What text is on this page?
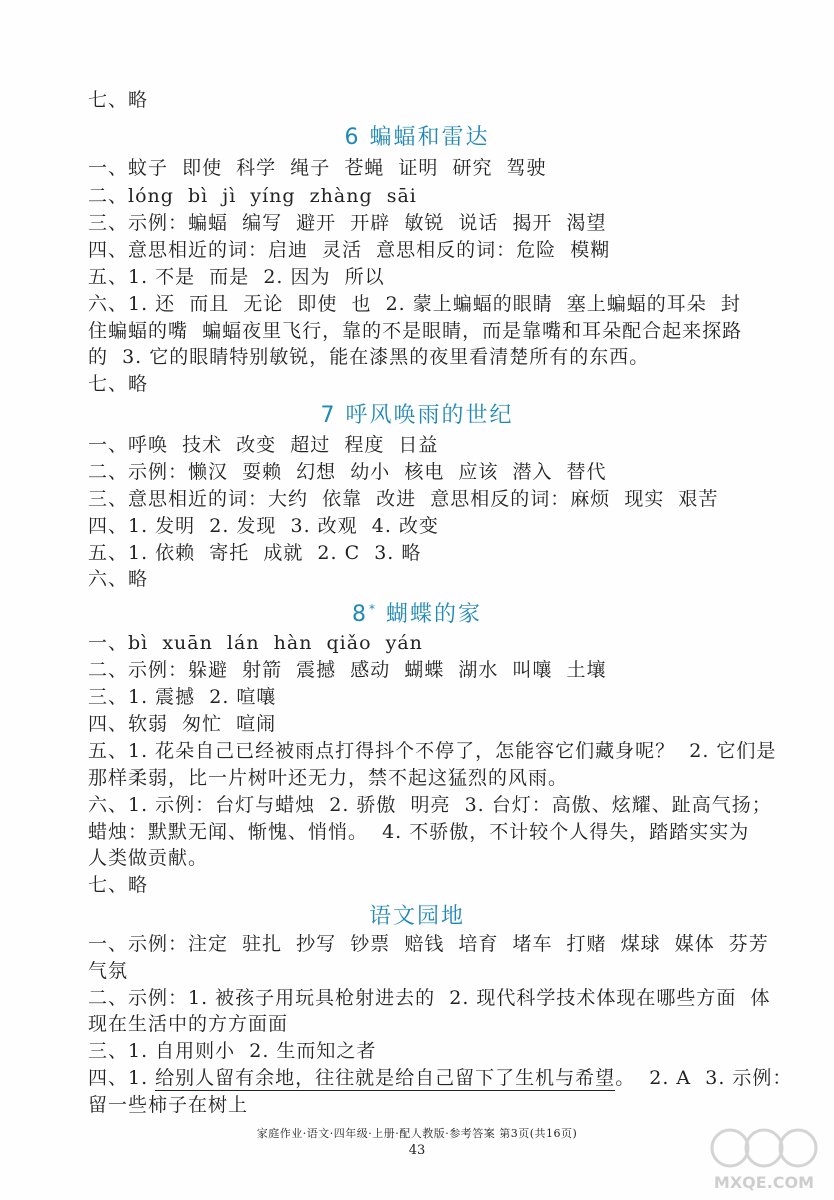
七、略
6 蝙蝠和雷达
一、蚊子  即使  科学  绳子  苍蝇  证明  研究  驾驶
二、lóng  bì  jì  yíng  zhàng  sāi
三、示例：蝙蝠  编写  避开  开辟  敏锐  说话  揭开  渴望
四、意思相近的词：启迪  灵活  意思相反的词：危险  模糊
五、1. 不是  而是  2. 因为  所以
六、1. 还  而且  无论  即使  也  2. 蒙上蝙蝠的眼睛  塞上蝙蝠的耳朵  封
住蝙蝠的嘴  蝙蝠夜里飞行，靠的不是眼睛，而是靠嘴和耳朵配合起来探路
的  3. 它的眼睛特别敏锐，能在漆黑的夜里看清楚所有的东西。
七、略
7 呼风唤雨的世纪
一、呼唤  技术  改变  超过  程度  日益
二、示例：懒汉  耍赖  幻想  幼小  核电  应该  潜入  替代
三、意思相近的词：大约  依靠  改进  意思相反的词：麻烦  现实  艰苦
四、1. 发明  2. 发现  3. 改观  4. 改变
五、1. 依赖  寄托  成就  2. C  3. 略
六、略
8* 蝴蝶的家
一、bì  xuān  lán  hàn  qiǎo  yán
二、示例：躲避  射箭  震撼  感动  蝴蝶  湖水  叫嚷  土壤
三、1. 震撼  2. 喧嚷
四、软弱  匆忙  喧闹
五、1. 花朵自己已经被雨点打得抖个不停了，怎能容它们藏身呢？  2. 它们是
那样柔弱，比一片树叶还无力，禁不起这猛烈的风雨。
六、1. 示例：台灯与蜡烛  2. 骄傲  明亮  3. 台灯：高傲、炫耀、趾高气扬；
蜡烛：默默无闻、惭愧、悄悄。  4. 不骄傲，不计较个人得失，踏踏实实为
人类做贡献。
七、略
语文园地
一、示例：注定  驻扎  抄写  钞票  赔钱  培育  堵车  打赌  煤球  媒体  芬芳
气氛
二、示例：1. 被孩子用玩具枪射进去的  2. 现代科学技术体现在哪些方面  体
现在生活中的方方面面
三、1. 自用则小  2. 生而知之者
四、1. 给别人留有余地，往往就是给自己留下了生机与希望。  2. A  3. 示例：
留一些柿子在树上
家庭作业·语文·四年级·上册·配人教版·参考答案 第3页(共16页)
43
MXQE.COM
